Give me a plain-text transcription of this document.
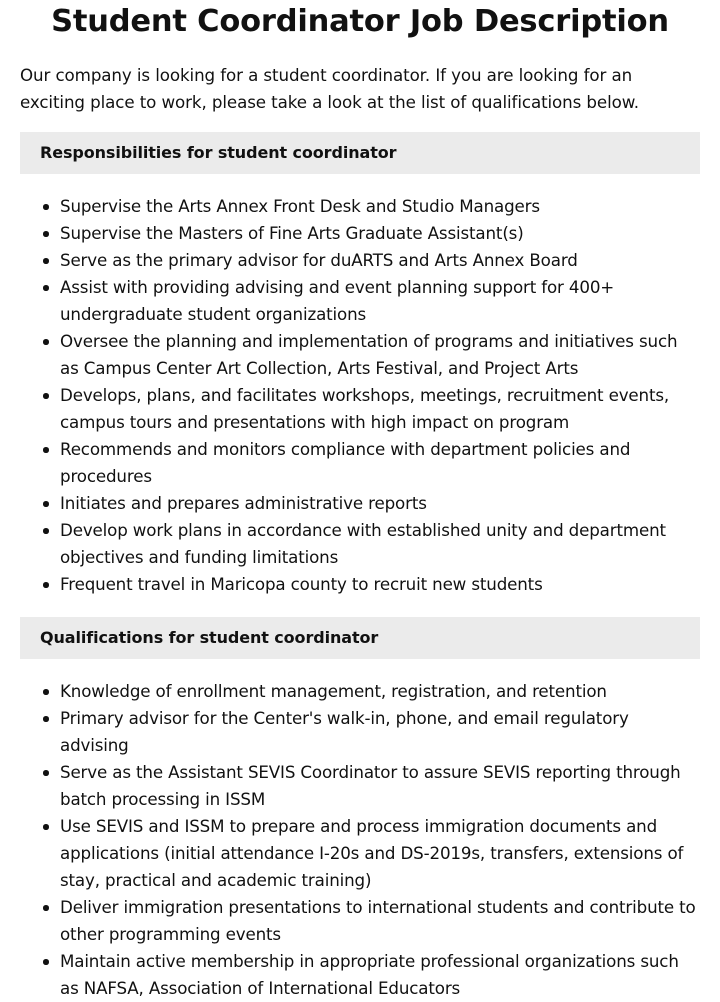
Student Coordinator Job Description

Our company is looking for a student coordinator. If you are looking for an exciting place to work, please take a look at the list of qualifications below.

Responsibilities for student coordinator
Supervise the Arts Annex Front Desk and Studio Managers
Supervise the Masters of Fine Arts Graduate Assistant(s)
Serve as the primary advisor for duARTS and Arts Annex Board
Assist with providing advising and event planning support for 400+ undergraduate student organizations
Oversee the planning and implementation of programs and initiatives such as Campus Center Art Collection, Arts Festival, and Project Arts
Develops, plans, and facilitates workshops, meetings, recruitment events, campus tours and presentations with high impact on program
Recommends and monitors compliance with department policies and procedures
Initiates and prepares administrative reports
Develop work plans in accordance with established unity and department objectives and funding limitations
Frequent travel in Maricopa county to recruit new students
Qualifications for student coordinator
Knowledge of enrollment management, registration, and retention
Primary advisor for the Center's walk-in, phone, and email regulatory advising
Serve as the Assistant SEVIS Coordinator to assure SEVIS reporting through batch processing in ISSM
Use SEVIS and ISSM to prepare and process immigration documents and applications (initial attendance I-20s and DS-2019s, transfers, extensions of stay, practical and academic training)
Deliver immigration presentations to international students and contribute to other programming events
Maintain active membership in appropriate professional organizations such as NAFSA, Association of International Educators
